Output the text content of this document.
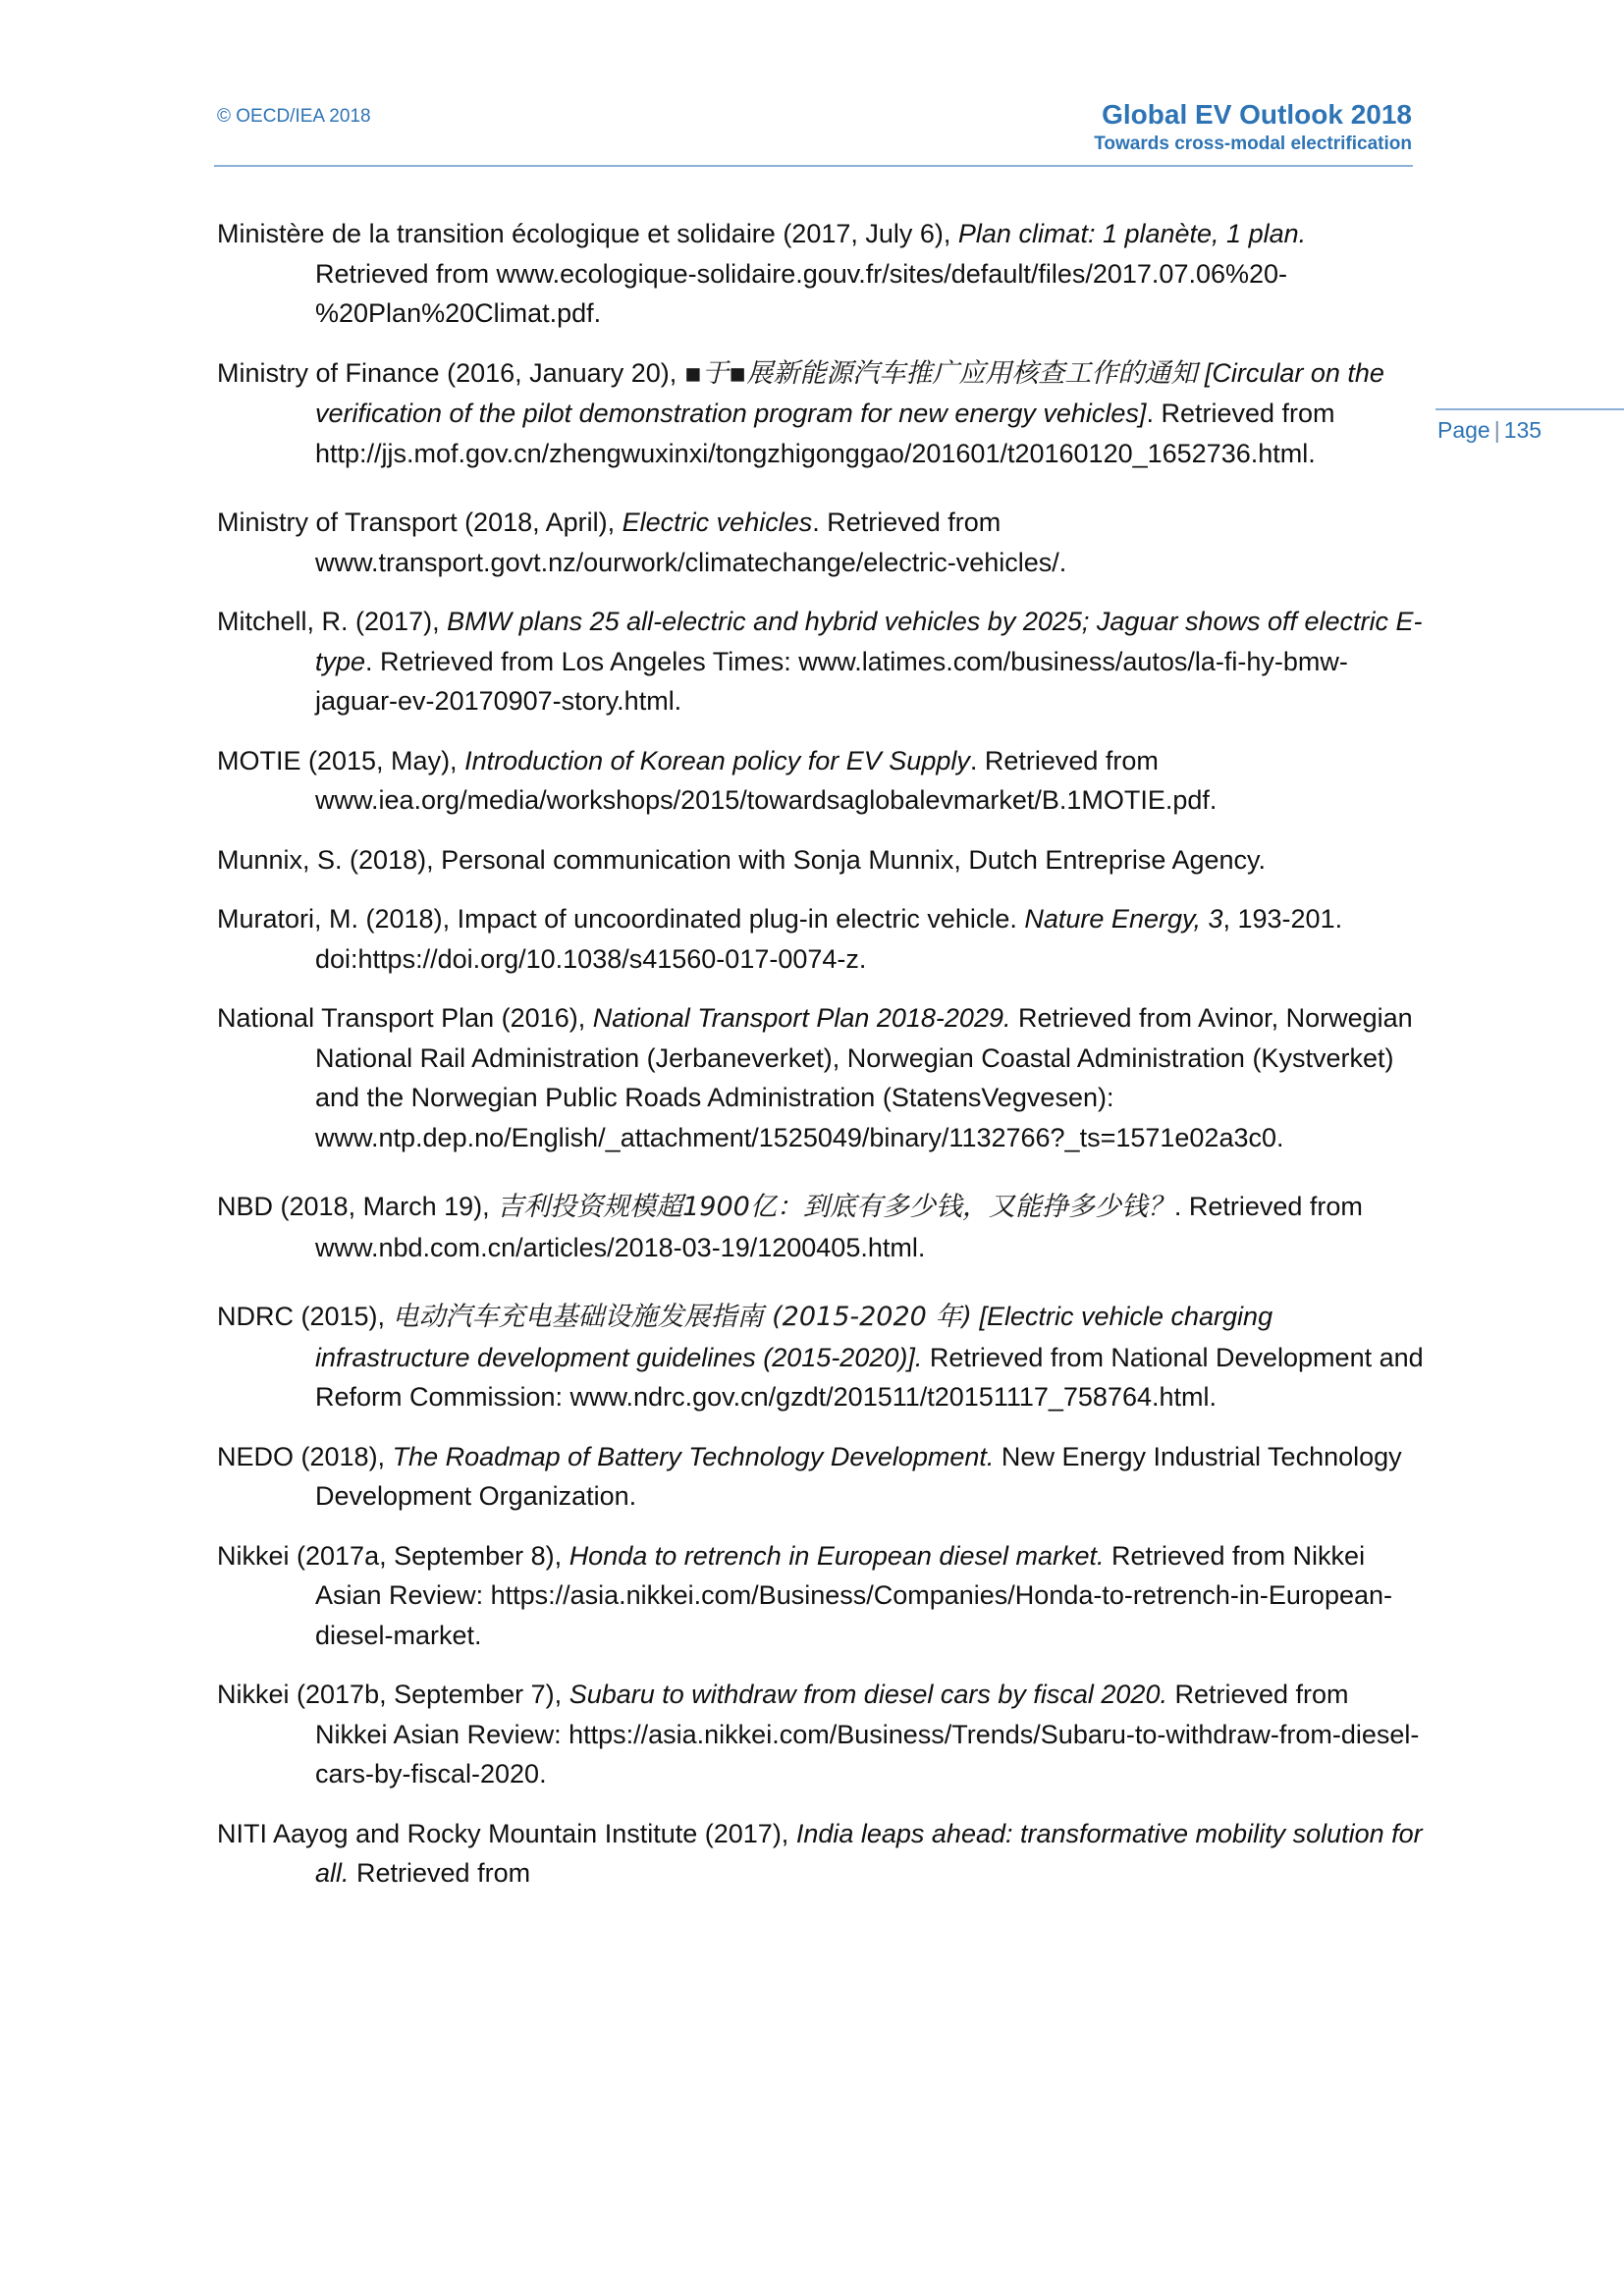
© OECD/IEA 2018	Global EV Outlook 2018
Towards cross-modal electrification
Page | 135

Ministère de la transition écologique et solidaire (2017, July 6), Plan climat: 1 planète, 1 plan. Retrieved from www.ecologique-solidaire.gouv.fr/sites/default/files/2017.07.06%20-%20Plan%20Climat.pdf.

Ministry of Finance (2016, January 20), ▪于▪展新能源汽车推广应用核查工作的通知 [Circular on the verification of the pilot demonstration program for new energy vehicles]. Retrieved from http://jjs.mof.gov.cn/zhengwuxinxi/tongzhigonggao/201601/t20160120_1652736.html.

Ministry of Transport (2018, April), Electric vehicles. Retrieved from www.transport.govt.nz/ourwork/climatechange/electric-vehicles/.

Mitchell, R. (2017), BMW plans 25 all-electric and hybrid vehicles by 2025; Jaguar shows off electric E-type. Retrieved from Los Angeles Times: www.latimes.com/business/autos/la-fi-hy-bmw-jaguar-ev-20170907-story.html.

MOTIE (2015, May), Introduction of Korean policy for EV Supply. Retrieved from www.iea.org/media/workshops/2015/towardsaglobalevmarket/B.1MOTIE.pdf.

Munnix, S. (2018), Personal communication with Sonja Munnix, Dutch Entreprise Agency.

Muratori, M. (2018), Impact of uncoordinated plug-in electric vehicle. Nature Energy, 3, 193-201. doi:https://doi.org/10.1038/s41560-017-0074-z.

National Transport Plan (2016), National Transport Plan 2018-2029. Retrieved from Avinor, Norwegian National Rail Administration (Jerbaneverket), Norwegian Coastal Administration (Kystverket) and the Norwegian Public Roads Administration (StatensVegvesen): www.ntp.dep.no/English/_attachment/1525049/binary/1132766?_ts=1571e02a3c0.

NBD (2018, March 19), 吉利投资规模超1900亿：到底有多少钱，又能挣多少钱？. Retrieved from www.nbd.com.cn/articles/2018-03-19/1200405.html.

NDRC (2015), 电动汽车充电基础设施发展指南 (2015-2020 年) [Electric vehicle charging infrastructure development guidelines (2015-2020)]. Retrieved from National Development and Reform Commission: www.ndrc.gov.cn/gzdt/201511/t20151117_758764.html.

NEDO (2018), The Roadmap of Battery Technology Development. New Energy Industrial Technology Development Organization.

Nikkei (2017a, September 8), Honda to retrench in European diesel market. Retrieved from Nikkei Asian Review: https://asia.nikkei.com/Business/Companies/Honda-to-retrench-in-European-diesel-market.

Nikkei (2017b, September 7), Subaru to withdraw from diesel cars by fiscal 2020. Retrieved from Nikkei Asian Review: https://asia.nikkei.com/Business/Trends/Subaru-to-withdraw-from-diesel-cars-by-fiscal-2020.

NITI Aayog and Rocky Mountain Institute (2017), India leaps ahead: transformative mobility solution for all. Retrieved from
